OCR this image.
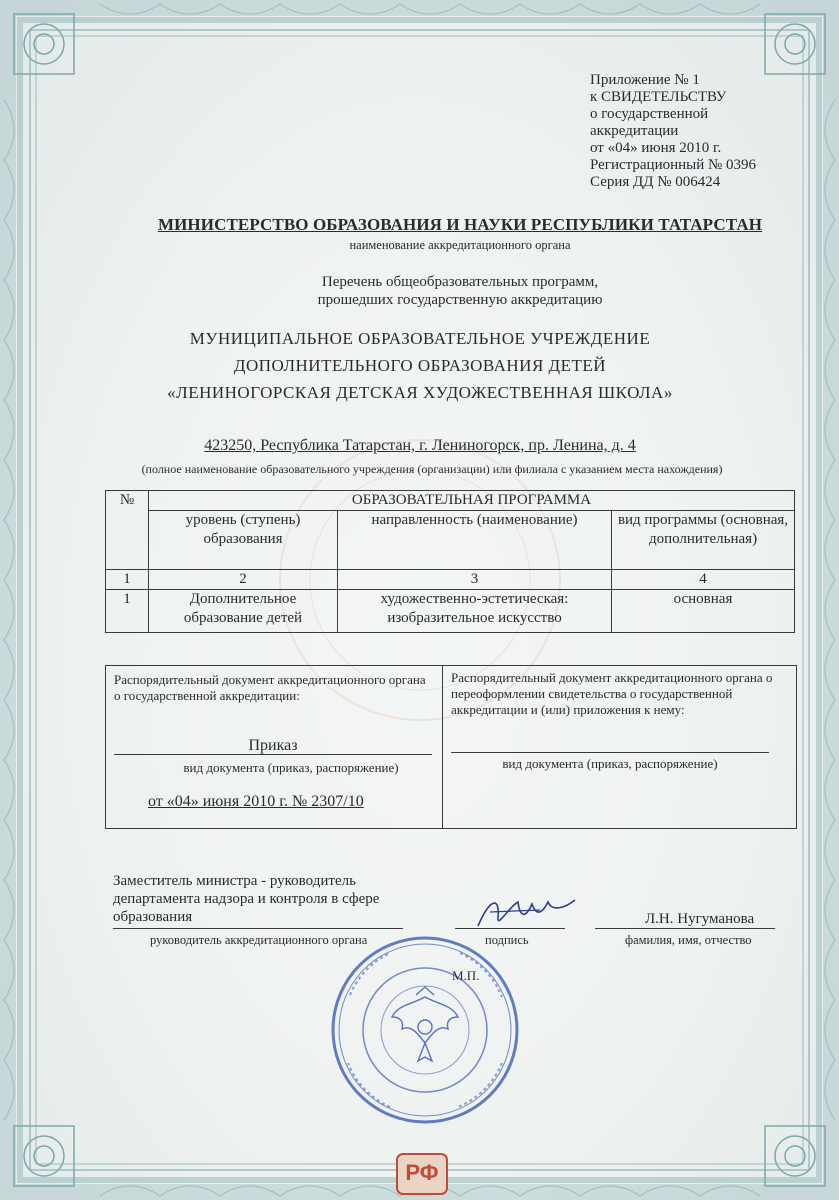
Приложение № 1
к СВИДЕТЕЛЬСТВУ
о государственной
аккредитации
от «04» июня 2010 г.
Регистрационный № 0396
Серия ДД № 006424
МИНИСТЕРСТВО ОБРАЗОВАНИЯ И НАУКИ РЕСПУБЛИКИ ТАТАРСТАН
наименование аккредитационного органа
Перечень общеобразовательных программ,
прошедших государственную аккредитацию
МУНИЦИПАЛЬНОЕ ОБРАЗОВАТЕЛЬНОЕ УЧРЕЖДЕНИЕ
ДОПОЛНИТЕЛЬНОГО ОБРАЗОВАНИЯ ДЕТЕЙ
«ЛЕНИНОГОРСКАЯ ДЕТСКАЯ ХУДОЖЕСТВЕННАЯ ШКОЛА»
423250, Республика Татарстан, г. Лениногорск, пр. Ленина, д. 4
(полное наименование образовательного учреждения (организации) или филиала с указанием места нахождения)
№	ОБРАЗОВАТЕЛЬНАЯ ПРОГРАММА		
	уровень (ступень) образования	направленность (наименование)	вид программы (основная, дополнительная)
1	2	3	4
1	Дополнительное образование детей	художественно-эстетическая: изобразительное искусство	основная
Распорядительный документ аккредитационного органа о государственной аккредитации:
Приказ
вид документа (приказ, распоряжение)
от «04» июня 2010 г. № 2307/10
Распорядительный документ аккредитационного органа о переоформлении свидетельства о государственной аккредитации и (или) приложения к нему:
вид документа (приказ, распоряжение)
Заместитель министра - руководитель
департамента надзора и контроля в сфере
образования	Л.Н. Нугуманова
руководитель аккредитационного органа	подпись	фамилия, имя, отчество
М.П.
РФ
